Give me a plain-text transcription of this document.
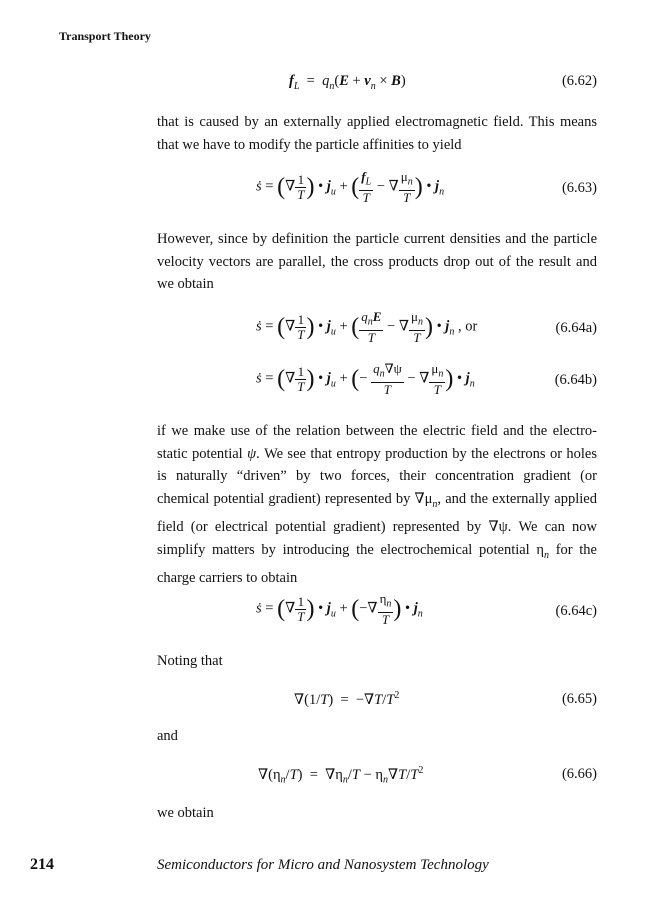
Transport Theory
$f_L = q_n(E + v_n \times B)$	(6.62)

that is caused by an externally applied electromagnetic field. This means that we have to modify the particle affinities to yield

ṡ = (∇ $\frac{1}{T}$ ) • $j_u$ + ( $\frac{f_L}{T}$ − ∇ $\frac{\mu_n}{T}$ ) • $j_n$	(6.63)

However, since by definition the particle current densities and the particle velocity vectors are parallel, the cross products drop out of the result and we obtain

ṡ = (∇ $\frac{1}{T}$ ) • $j_u$ + ( $\frac{q_nE}{T}$ − ∇ $\frac{\mu_n}{T}$ ) • $j_n$ , or	(6.64a)
ṡ = (∇ $\frac{1}{T}$ ) • $j_u$ + (− $\frac{q_n\nabla\psi}{T}$ − ∇ $\frac{\mu_n}{T}$ ) • $j_n$	(6.64b)

if we make use of the relation between the electric field and the electro-static potential ψ. We see that entropy production by the electrons or holes is naturally “driven” by two forces, their concentration gradient (or chemical potential gradient) represented by $\nabla\mu_n$, and the externally applied field (or electrical potential gradient) represented by ∇ψ. We can now simplify matters by introducing the electrochemical potential $\eta_n$ for the charge carriers to obtain

ṡ = (∇ $\frac{1}{T}$ ) • $j_u$ + (−∇ $\frac{\eta_n}{T}$ ) • $j_n$	(6.64c)

Noting that

$\nabla(1/T) = -\nabla T/T^2$	(6.65)

and

$\nabla(\eta_n/T) = \nabla\eta_n/T - \eta_n\nabla T/T^2$	(6.66)

we obtain

214	Semiconductors for Micro and Nanosystem Technology
